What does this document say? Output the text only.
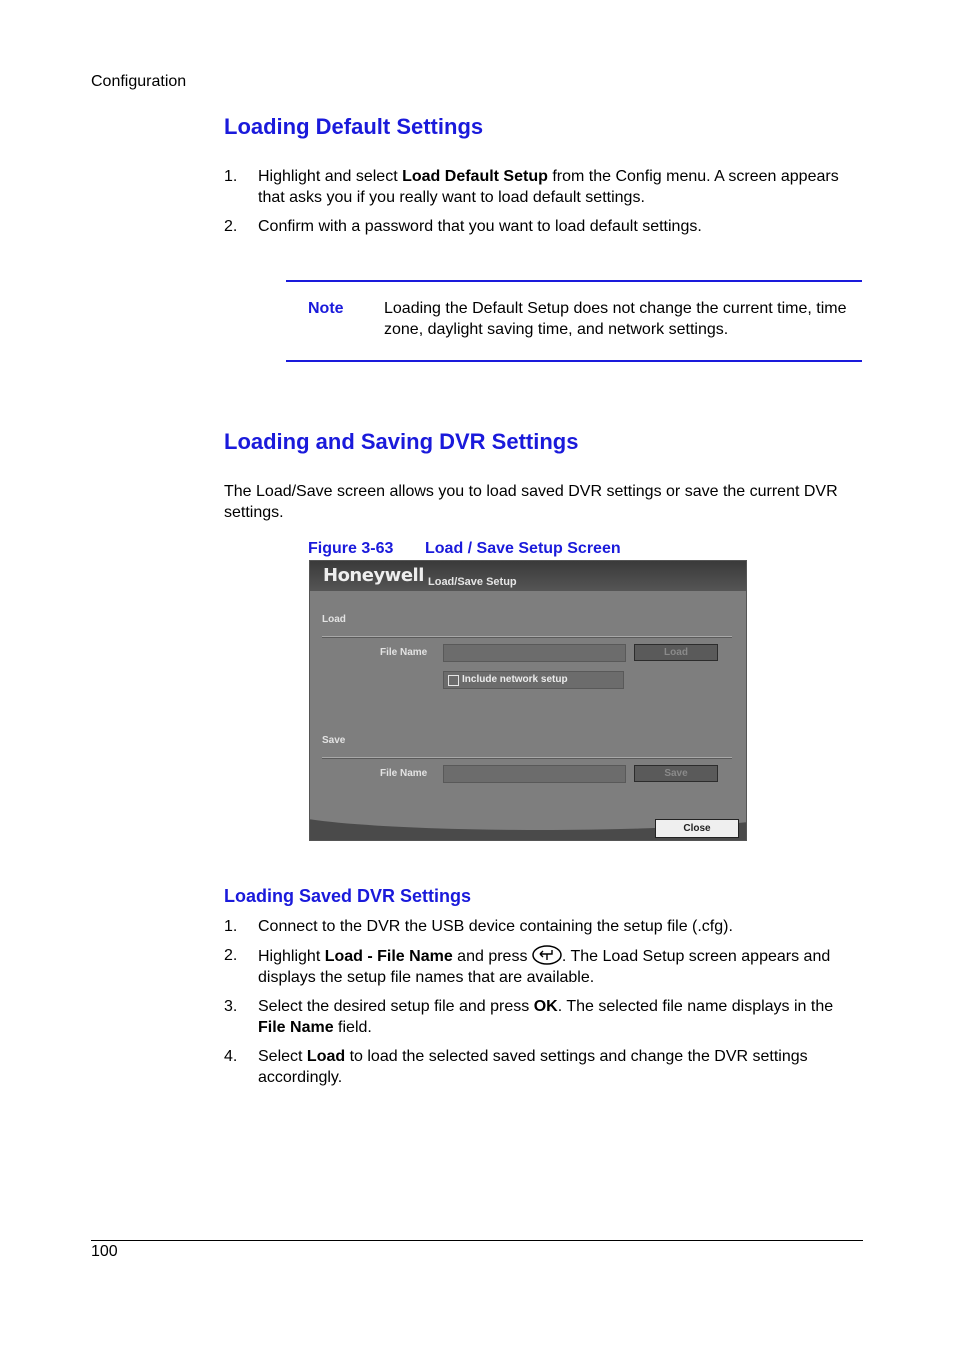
Configuration
Loading Default Settings
1. Highlight and select Load Default Setup from the Config menu. A screen appears that asks you if you really want to load default settings.
2. Confirm with a password that you want to load default settings.
Note	Loading the Default Setup does not change the current time, time zone, daylight saving time, and network settings.
Loading and Saving DVR Settings
The Load/Save screen allows you to load saved DVR settings or save the current DVR settings.
Figure 3-63 Load / Save Setup Screen
Honeywell Load/Save Setup
Load
File Name	Load
Include network setup
Save
File Name	Save
Close
Loading Saved DVR Settings
1. Connect to the DVR the USB device containing the setup file (.cfg).
2. Highlight Load - File Name and press . The Load Setup screen appears and displays the setup file names that are available.
3. Select the desired setup file and press OK. The selected file name displays in the File Name field.
4. Select Load to load the selected saved settings and change the DVR settings accordingly.
100
